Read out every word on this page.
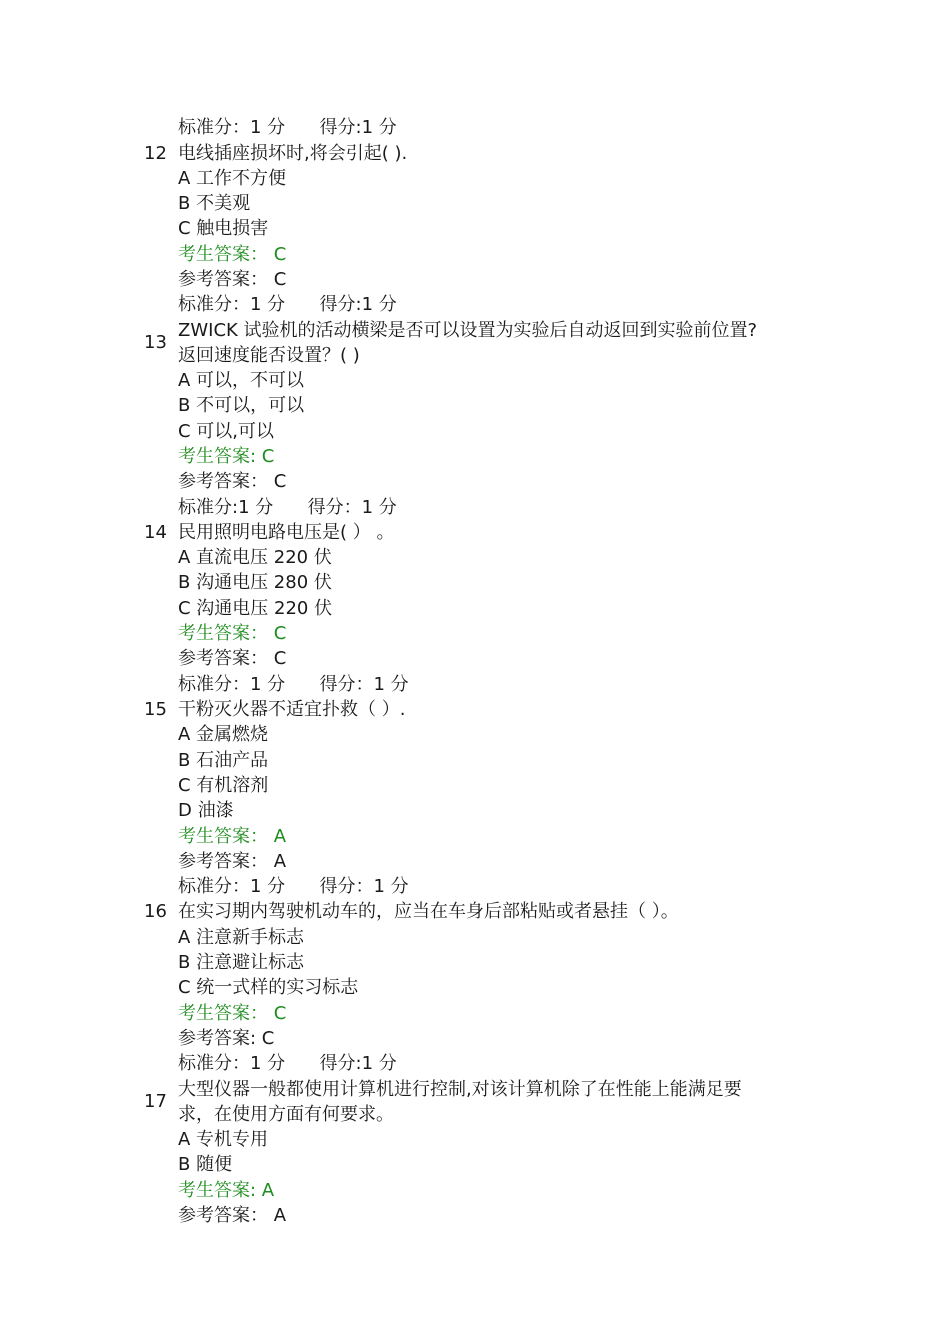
标准分：1 分      得分:1 分
12 电线插座损坏时,将会引起( ).
A 工作不方便
B 不美观
C 触电损害
考生答案： C
参考答案： C
标准分：1 分      得分:1 分
13
ZWICK 试验机的活动横梁是否可以设置为实验后自动返回到实验前位置?
返回速度能否设置？( )
A 可以，不可以
B 不可以，可以
C 可以,可以
考生答案: C
参考答案： C
标准分:1 分      得分：1 分
14 民用照明电路电压是( ） 。
A 直流电压 220 伏
B 沟通电压 280 伏
C 沟通电压 220 伏
考生答案： C
参考答案： C
标准分：1 分      得分：1 分
15 干粉灭火器不适宜扑救（ ）.
A 金属燃烧
B 石油产品
C 有机溶剂
D 油漆
考生答案： A
参考答案： A
标准分：1 分      得分：1 分
16 在实习期内驾驶机动车的，应当在车身后部粘贴或者悬挂（ ）。
A 注意新手标志
B 注意避让标志
C 统一式样的实习标志
考生答案： C
参考答案: C
标准分：1 分      得分:1 分
17
大型仪器一般都使用计算机进行控制,对该计算机除了在性能上能满足要
求，在使用方面有何要求。
A 专机专用
B 随便
考生答案: A
参考答案： A
